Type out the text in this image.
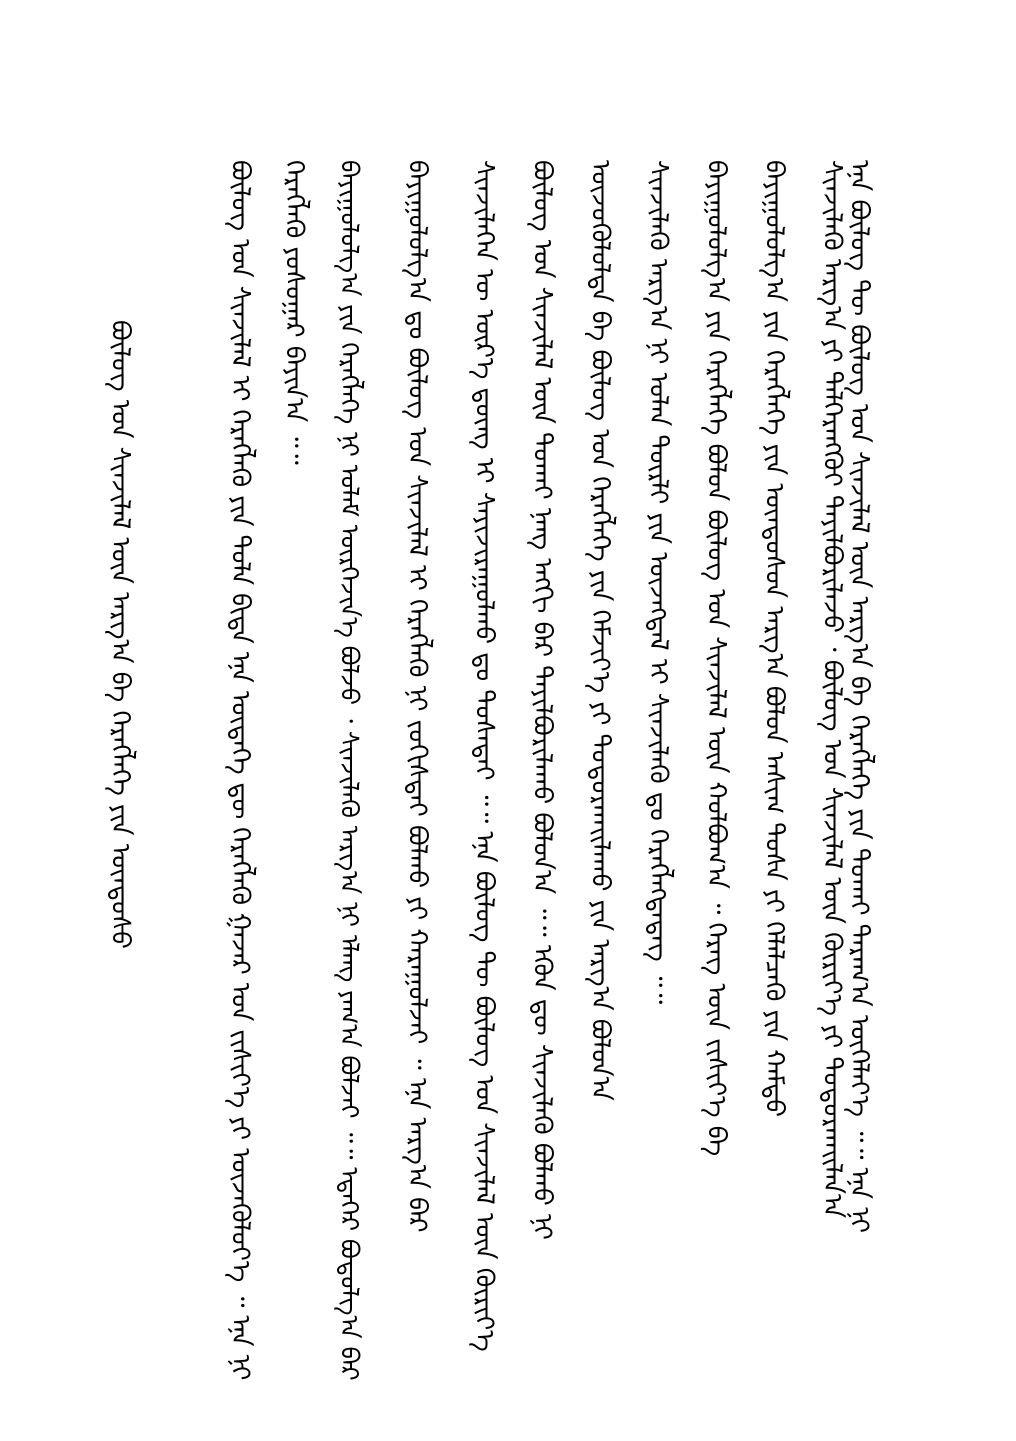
ᠪᠦᠯᠦᠭ ᠤᠨ ᠰᠢᠨᠵᠢᠯᠡᠯ ᠦᠨ ᠠᠷᠭ᠎ᠠ ᠪᠠ ᠬᠡᠷᠡᠭᠯᠡᠭᠡ ᠶᠢᠨ ᠦᠨᠳᠦᠰᠦ	ᠪᠦᠯᠦᠭ ᠤᠨ ᠰᠢᠨᠵᠢᠯᠡᠯ ᠢ ᠬᠡᠷᠡᠭᠯᠡᠬᠦ ᠶᠢᠨ ᠲᠤᠯᠠ ᠪᠢᠳᠡ ᠡᠨᠡ ᠦᠳᠡᠭᠡ ᠳᠦ ᠬᠡᠷᠡᠭᠯᠡᠬᠦ ᠭᠠᠵᠠᠷ ᠤᠨ ᠵᠢᠱᠢᠶ᠎ᠡ ᠶᠢ ᠦᠵᠡᠭᠦᠯᠦᠶ᠎ᠡ ᠃ ᠡᠨᠡ ᠨᠢ ᠬᠡᠷᠡᠭᠯᠡᠬᠦ ᠶᠣᠰᠣᠭᠠᠷ ᠪᠠᠶᠢᠨ᠎ᠠ ᠃᠃ ᠪᠠᠶᠢᠭᠤᠯᠤᠯᠭ᠎ᠠ ᠶᠢᠨ ᠬᠡᠷᠡᠭᠯᠡᠭᠡ ᠨᠢ ᠤᠯᠠᠮ ᠥᠷᠭᠡᠵᠢᠨ᠎ᠡ ᠪᠣᠯᠵᠤ ᠂ ᠰᠢᠨᠵᠢᠯᠡᠬᠦ ᠠᠷᠭ᠎ᠠ ᠨᠢ ᠡᠯᠡᠩ ᠶᠠᠭ᠎ᠠ ᠪᠣᠯᠵᠠᠶ ᠃᠃ ᠡᠳᠡᠭᠡᠷ ᠪᠣᠳᠤᠯᠭ᠎ᠠ ᠪᠡᠷ ᠪᠠᠶᠢᠭᠤᠯᠤᠯᠭ᠎ᠠ ᠳᠤ ᠪᠦᠯᠦᠭ ᠤᠨ ᠰᠢᠨᠵᠢᠯᠡᠯ ᠢ ᠬᠡᠷᠡᠭᠯᠡᠬᠦ ᠨᠢ ᠵᠣᠬᠢᠰᠲᠠᠢ ᠪᠣᠯᠬᠤ ᠶᠢ ᠬᠠᠷᠠᠭᠤᠯᠵᠠᠢ ᠃ ᠡᠨᠡ ᠠᠷᠭ᠎ᠠ ᠪᠡᠷ ᠰᠢᠨᠵᠢᠯᠡᠭᠡᠨ ᠦ ᠦᠷ᠎ᠡ ᠳ᠋ᠦᠩ ᠢ ᠰᠠᠶᠢᠵᠢᠷᠠᠭᠤᠯᠬᠤ ᠳᠤ ᠲᠤᠰᠠᠲᠠᠢ ᠃᠃ ᠡᠨᠡ ᠪᠦᠯᠦᠭ ᠲᠦ ᠪᠦᠯᠦᠭ ᠤᠨ ᠰᠢᠨᠵᠢᠯᠡᠯ ᠦᠨ ᠬᠦᠷᠢᠶ᠎ᠡ ᠪᠦᠯᠦᠭ ᠤᠨ ᠰᠢᠨᠵᠢᠯᠡᠯ ᠦᠨ ᠲᠤᠬᠠᠢ ᠨᠡᠩ ᠡᠨᠭᠭᠢ ᠪᠠᠷ ᠲᠠᠶᠢᠯᠪᠤᠷᠢᠯᠠᠬᠤ ᠪᠣᠯᠤᠨ᠎ᠠ ᠃᠃ ᠡᠭᠦᠨ ᠳᠦ ᠰᠢᠨᠵᠢᠯᠡᠬᠦ ᠪᠣᠯᠬᠤ ᠨᠢ ᠦᠵᠦᠭᠦᠯᠦᠯᠳᠡ ᠪᠠ ᠪᠦᠯᠦᠭ ᠤᠨ ᠬᠡᠷᠡᠭᠯᠡᠭᠡ ᠶᠢᠨ ᠬᠡᠮᠵᠢᠶ᠎ᠡ ᠶᠢ ᠲᠣᠳᠣᠷᠬᠠᠢᠯᠠᠬᠤ ᠶᠢᠨ ᠠᠷᠭ᠎ᠠ ᠪᠣᠯᠤᠨ᠎ᠠ ᠰᠢᠨᠵᠢᠯᠡᠬᠦ ᠠᠷᠭ᠎ᠠ ᠨᠢ ᠣᠯᠠᠨ ᠲᠥᠷᠯᠢ ᠶᠢᠨ ᠦᠵᠡᠭᠳᠡᠯ ᠢ ᠰᠢᠨᠵᠢᠯᠡᠬᠦ ᠳᠤ ᠬᠡᠷᠡᠭᠯᠡᠭᠳᠡᠳᠡᠭ ᠃᠃ ᠪᠠᠶᠢᠭᠤᠯᠤᠯᠭ᠎ᠠ ᠶᠢᠨ ᠬᠡᠷᠡᠭᠯᠡᠭᠡ ᠪᠣᠯᠤᠨ ᠪᠦᠯᠦᠭ ᠤᠨ ᠰᠢᠨᠵᠢᠯᠡᠯ ᠦᠨ ᠬᠣᠯᠪᠣᠭ᠎ᠠ ᠃ ᠬᠡᠷᠡᠭ ᠦᠨ ᠵᠢᠱᠢᠶ᠎ᠡ ᠪᠠ ᠪᠠᠶᠢᠭᠤᠯᠤᠯᠭ᠎ᠠ ᠶᠢᠨ ᠬᠡᠷᠡᠭᠯᠡᠭᠡ ᠶᠢᠨ ᠦᠨᠳᠦᠰᠦᠨ ᠠᠷᠭ᠎ᠠ ᠪᠣᠯᠤᠨ ᠠᠰᠢᠭ ᠲᠤᠰᠠ ᠶᠢ ᠬᠡᠯᠡᠯᠴᠡᠬᠦ ᠶᠢᠨ ᠬᠠᠮᠲᠤ ᠰᠢᠨᠵᠢᠯᠡᠬᠦ ᠠᠷᠭ᠎ᠠ ᠶᠢ ᠳᠡᠯᠭᠡᠷᠡᠩᠭᠦᠢ ᠲᠠᠶᠢᠯᠪᠤᠷᠢᠯᠠᠵᠤ ᠂ ᠪᠦᠯᠦᠭ ᠤᠨ ᠰᠢᠨᠵᠢᠯᠡᠯ ᠦᠨ ᠬᠦᠷᠢᠶ᠎ᠡ ᠶᠢ ᠲᠣᠳᠣᠷᠬᠠᠢᠯᠠᠨ᠎ᠠ
ᠡᠨᠡ ᠪᠦᠯᠦᠭ ᠲᠦ ᠪᠦᠯᠦᠭ ᠤᠨ ᠰᠢᠨᠵᠢᠯᠡᠯ ᠦᠨ ᠠᠷᠭ᠎ᠠ ᠪᠠ ᠬᠡᠷᠡᠭᠯᠡᠭᠡ ᠶᠢᠨ ᠲᠤᠬᠠᠢ ᠳᠠᠷᠠᠭ᠎ᠠ ᠦᠭᠡᠯᠡᠶ᠎ᠡ ᠃᠃ ᠡᠨᠡ ᠨᠢ
